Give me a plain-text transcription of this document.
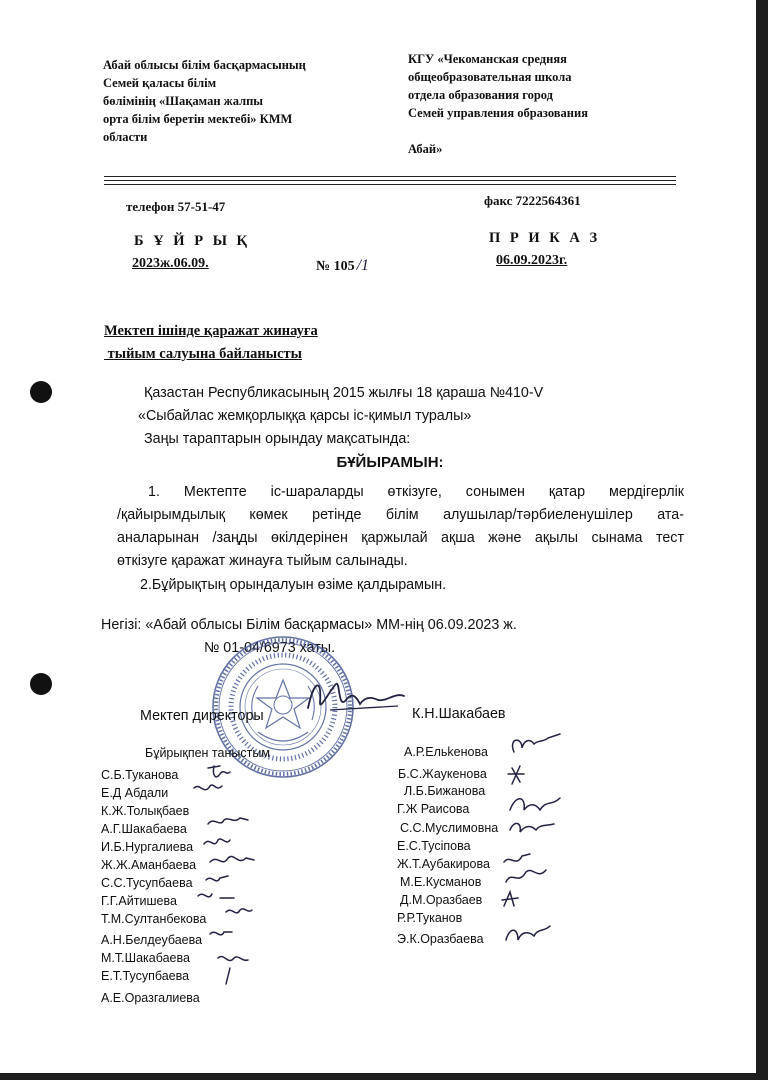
Абай облысы білім басқармасының
Семей қаласы білім
бөлімінің «Шақаман жалпы
орта білім беретін мектебі» КММ
области
КГУ «Чекоманская средняя
общеобразовательная школа
отдела образования город
Семей управления образования
Абай»
телефон 57-51-47	факс 7222564361
Б Ұ Й Р Ы Қ
2023ж.06.09.	№ 105 /1
П Р И К А З
06.09.2023г.
Мектеп ішінде қаражат жинауға
тыйым салуына байланысты
Қазастан Республикасының 2015 жылғы 18 қараша №410-V
«Сыбайлас жемқорлыққа қарсы іс-қимыл туралы»
Заңы тараптарын орындау мақсатында:
БҰЙЫРАМЫН:
1. Мектепте іс-шараларды өткізуге, сонымен қатар мердігерлік
/қайырымдылық көмек ретінде білім алушылар/тәрбиеленушілер ата-
аналарынан /заңды өкілдерінен қаржылай ақша және ақылы сынама тест
өткізуге қаражат жинауға тыйым салынады.
2.Бұйрықтың орындалуын өзіме қалдырамын.
Негізі: «Абай облысы Білім басқармасы» ММ-нің 06.09.2023 ж.
№ 01-04/6973 хаты.
Мектеп директоры	К.Н.Шакабаев
Бұйрықпен таныстым
С.Б.Туканова
Е.Д Абдали
К.Ж.Толықбаев
А.Г.Шакабаева
И.Б.Нургалиева
Ж.Ж.Аманбаева
С.С.Тусупбаева
Г.Г.Айтишева
Т.М.Султанбекова
А.Н.Белдеубаева
М.Т.Шакабаева
Е.Т.Тусупбаева
А.Е.Оразгалиева
А.Р.Ельkенова
Б.С.Жаукенова
Л.Б.Бижанова
Г.Ж Раисова
С.С.Муслимовна
Е.С.Тусіпова
Ж.Т.Аубакирова
М.Е.Кусманов
Д.М.Оразбаев
Р.Р.Туканов
Э.К.Оразбаева
